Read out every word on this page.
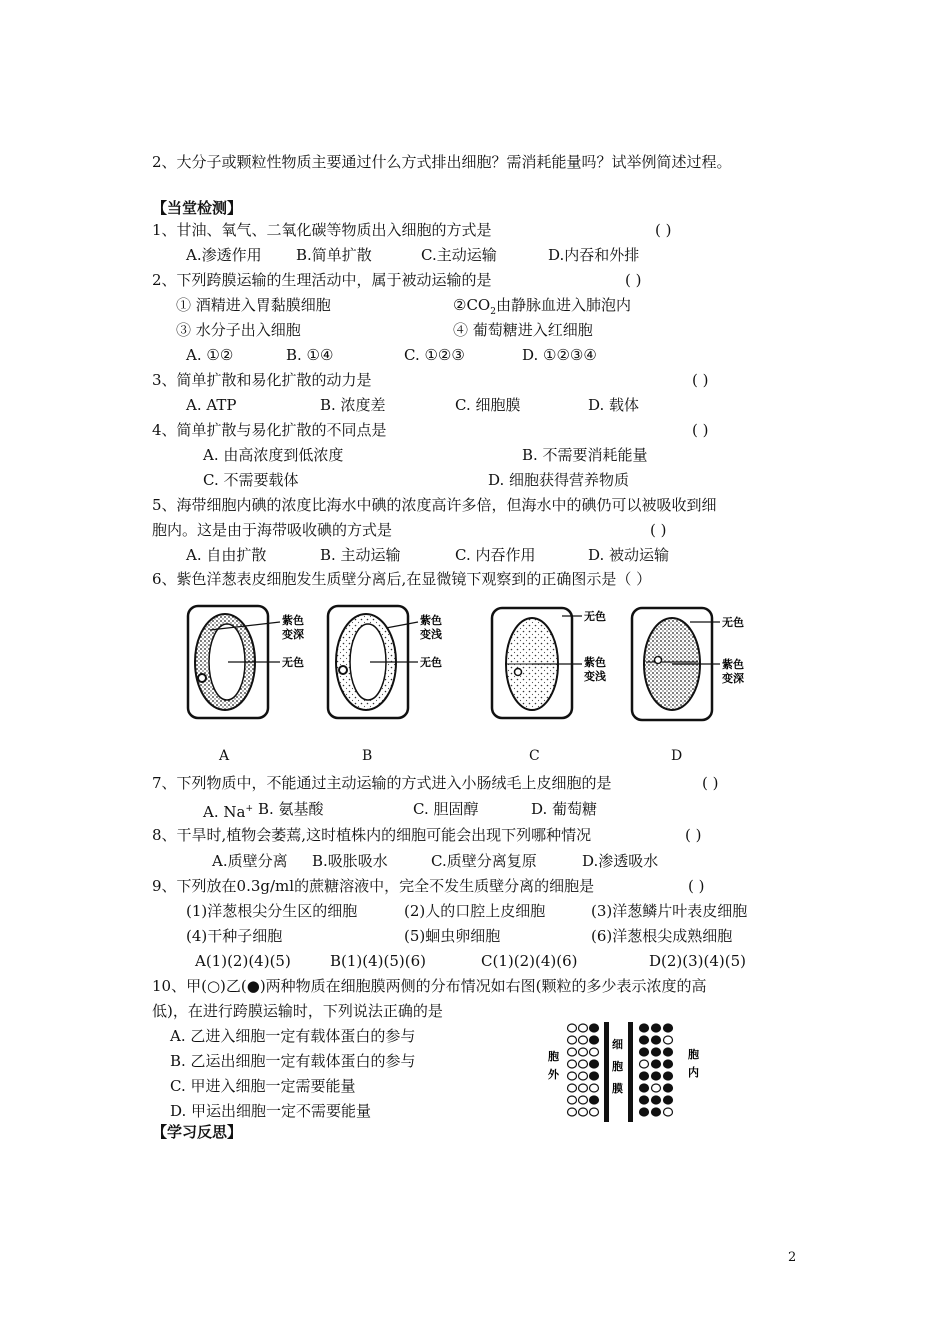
2、大分子或颗粒性物质主要通过什么方式排出细胞？需消耗能量吗？试举例简述过程。
【当堂检测】
1、甘油、氧气、二氧化碳等物质出入细胞的方式是	( )
A.渗透作用 B.简单扩散	C.主动运输	D.内吞和外排
2、下列跨膜运输的生理活动中，属于被动运输的是	( )
① 酒精进入胃黏膜细胞	$②CO_2$由静脉血进入肺泡内
③ 水分子出入细胞	④ 葡萄糖进入红细胞
A. ①②	B. ①④	C. ①②③	D. ①②③④
3、简单扩散和易化扩散的动力是	( )
A. ATP	B. 浓度差	C. 细胞膜	D. 载体
4、简单扩散与易化扩散的不同点是	( )
A. 由高浓度到低浓度	B. 不需要消耗能量
C. 不需要载体	D. 细胞获得营养物质
5、海带细胞内碘的浓度比海水中碘的浓度高许多倍，但海水中的碘仍可以被吸收到细
胞内。这是由于海带吸收碘的方式是	( )
A. 自由扩散	B. 主动运输	C. 内吞作用	D. 被动运输
6、紫色洋葱表皮细胞发生质壁分离后,在显微镜下观察到的正确图示是（ ）
紫色
变深
无色
紫色
变浅
无色
无色
紫色
变浅
无色
紫色
变深
A	B	C	D
7、下列物质中，不能通过主动运输的方式进入小肠绒毛上皮细胞的是	( )
A. Na+ B. 氨基酸	C. 胆固醇	D. 葡萄糖
8、干旱时,植物会萎蔫,这时植株内的细胞可能会出现下列哪种情况	( )
A.质壁分离 B.吸胀吸水	C.质壁分离复原	D.渗透吸水
9、下列放在0.3g/ml的蔗糖溶液中，完全不发生质壁分离的细胞是	( )
(1)洋葱根尖分生区的细胞	(2)人的口腔上皮细胞	(3)洋葱鳞片叶表皮细胞
(4)干种子细胞	(5)蛔虫卵细胞	(6)洋葱根尖成熟细胞
A(1)(2)(4)(5)	B(1)(4)(5)(6)	C(1)(2)(4)(6)	D(2)(3)(4)(5)
10、甲(○)乙(●)两种物质在细胞膜两侧的分布情况如右图(颗粒的多少表示浓度的高
低)，在进行跨膜运输时，下列说法正确的是
A. 乙进入细胞一定有载体蛋白的参与
B. 乙运出细胞一定有载体蛋白的参与
C. 甲进入细胞一定需要能量
D. 甲运出细胞一定不需要能量
胞
外
细
胞
膜
胞
内
【学习反思】
2
